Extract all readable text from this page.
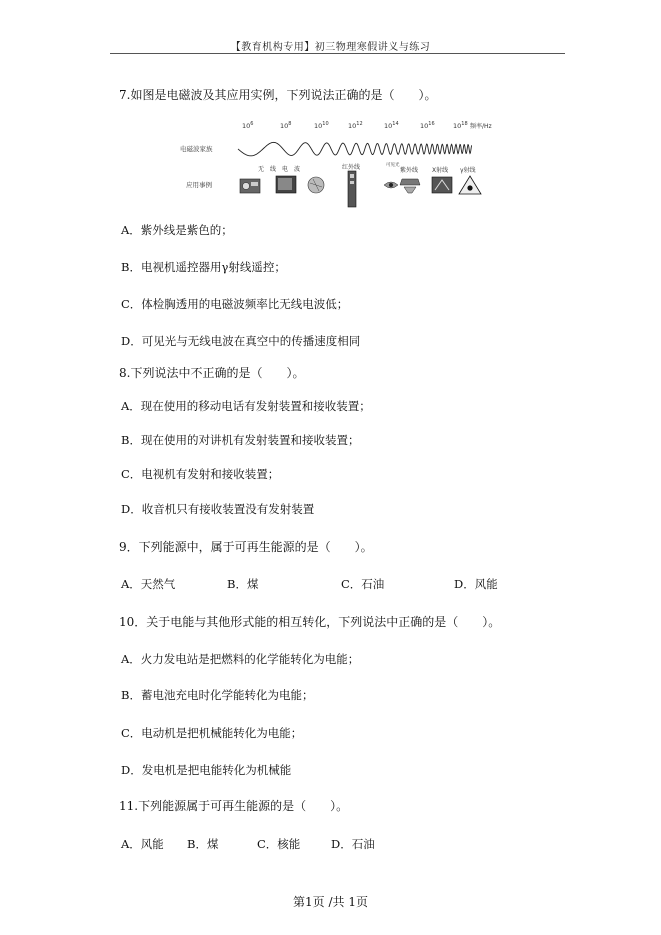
【教育机构专用】初三物理寒假讲义与练习
7.如图是电磁波及其应用实例，下列说法正确的是（　　）。
$10^6$	$10^8$	$10^{10}$	$10^{12}$	$10^{14}$	$10^{16}$	$10^{18}$ 频率/Hz
电磁波家族
应用事例
无　线　电　波	红外线	可见光
紫外线 X射线 γ射线
A．紫外线是紫色的；
B．电视机遥控器用γ射线遥控；
C．体检胸透用的电磁波频率比无线电波低；
D．可见光与无线电波在真空中的传播速度相同
8.下列说法中不正确的是（　　）。
A．现在使用的移动电话有发射装置和接收装置；
B．现在使用的对讲机有发射装置和接收装置；
C．电视机有发射和接收装置；
D．收音机只有接收装置没有发射装置
9．下列能源中，属于可再生能源的是（　　）。
A．天然气	B．煤	C．石油	D．风能
10．关于电能与其他形式能的相互转化，下列说法中正确的是（　　）。
A．火力发电站是把燃料的化学能转化为电能；
B．蓄电池充电时化学能转化为电能；
C．电动机是把机械能转化为电能；
D．发电机是把电能转化为机械能
11.下列能源属于可再生能源的是（　　）。
A．风能 B．煤	C．核能	D．石油
第1页 /共 1页
